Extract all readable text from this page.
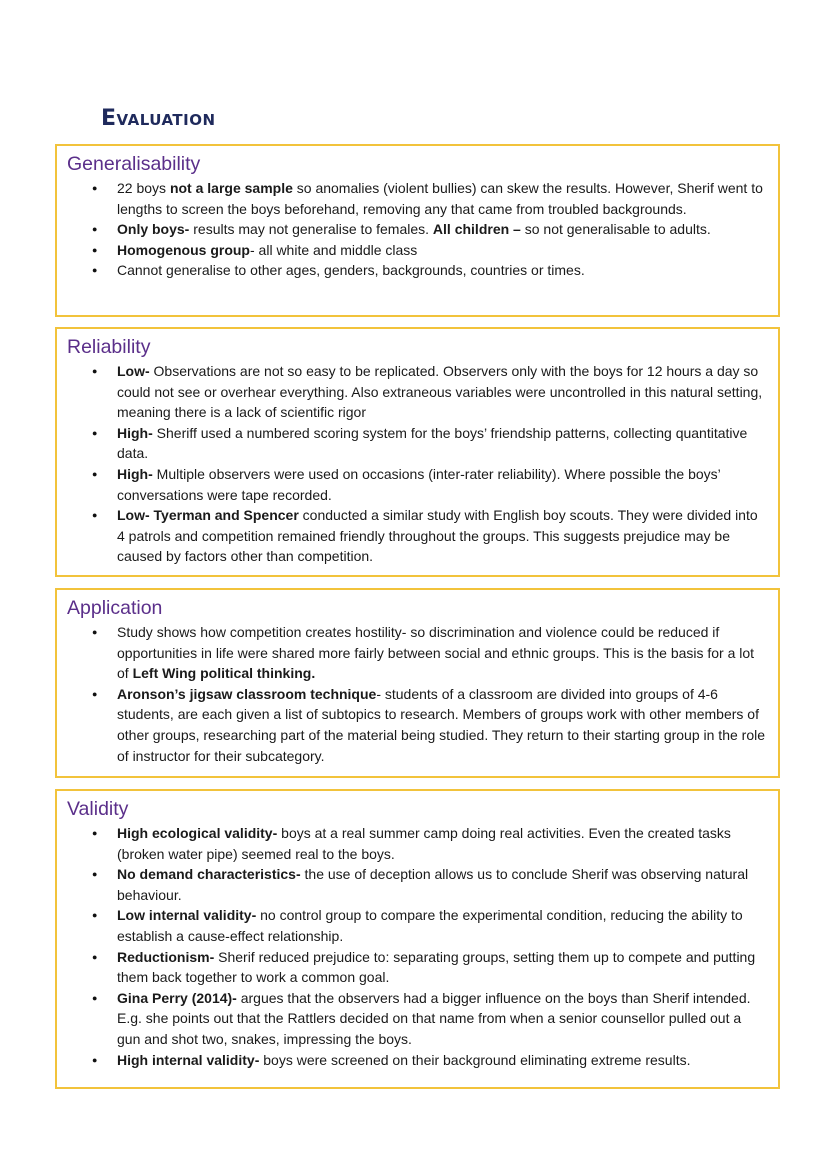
Evaluation
Generalisability
● 22 boys not a large sample so anomalies (violent bullies) can skew the results. However, Sherif went to lengths to screen the boys beforehand, removing any that came from troubled backgrounds.
● Only boys- results may not generalise to females. All children – so not generalisable to adults.
● Homogenous group- all white and middle class
● Cannot generalise to other ages, genders, backgrounds, countries or times.
Reliability
● Low- Observations are not so easy to be replicated. Observers only with the boys for 12 hours a day so could not see or overhear everything. Also extraneous variables were uncontrolled in this natural setting, meaning there is a lack of scientific rigor
● High- Sheriff used a numbered scoring system for the boys’ friendship patterns, collecting quantitative data.
● High- Multiple observers were used on occasions (inter-rater reliability). Where possible the boys’ conversations were tape recorded.
● Low- Tyerman and Spencer conducted a similar study with English boy scouts. They were divided into 4 patrols and competition remained friendly throughout the groups. This suggests prejudice may be caused by factors other than competition.
Application
● Study shows how competition creates hostility- so discrimination and violence could be reduced if opportunities in life were shared more fairly between social and ethnic groups. This is the basis for a lot of Left Wing political thinking.
● Aronson’s jigsaw classroom technique- students of a classroom are divided into groups of 4-6 students, are each given a list of subtopics to research. Members of groups work with other members of other groups, researching part of the material being studied. They return to their starting group in the role of instructor for their subcategory.
Validity
● High ecological validity- boys at a real summer camp doing real activities. Even the created tasks (broken water pipe) seemed real to the boys.
● No demand characteristics- the use of deception allows us to conclude Sherif was observing natural behaviour.
● Low internal validity- no control group to compare the experimental condition, reducing the ability to establish a cause-effect relationship.
● Reductionism- Sherif reduced prejudice to: separating groups, setting them up to compete and putting them back together to work a common goal.
● Gina Perry (2014)- argues that the observers had a bigger influence on the boys than Sherif intended. E.g. she points out that the Rattlers decided on that name from when a senior counsellor pulled out a gun and shot two, snakes, impressing the boys.
● High internal validity- boys were screened on their background eliminating extreme results.
